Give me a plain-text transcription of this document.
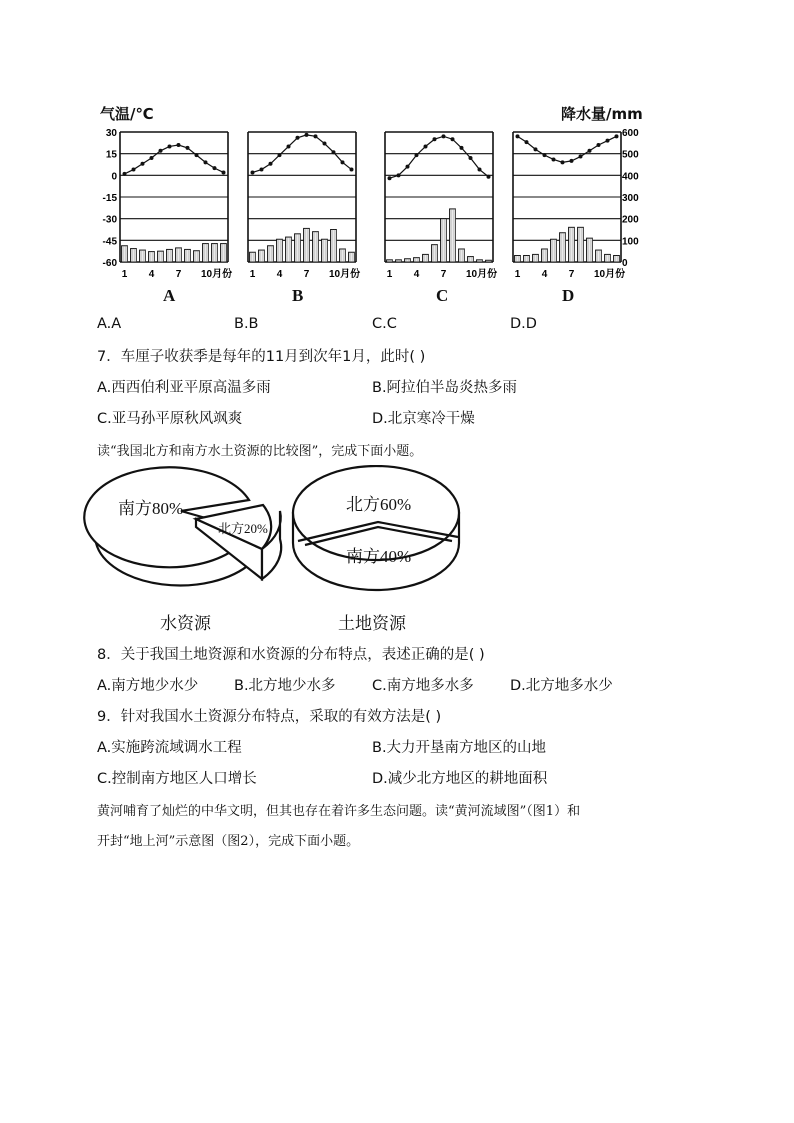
气温/℃	降水量/mm
30
15
0
-15
-30
-45
-60
600
500
400
300
200
100
0
1 4 7 10月份 1 4 7 10月份	1 4 7 10月份 1 4 7 10月份
A	B	C	D
A.A	B.B	C.C	D.D
7．车厘子收获季是每年的11月到次年1月，此时( )
A.西西伯利亚平原高温多雨	B.阿拉伯半岛炎热多雨
C.亚马孙平原秋风飒爽	D.北京寒冷干燥
读“我国北方和南方水土资源的比较图”，完成下面小题。
南方80%
北方20%
北方60%
南方40%
水资源	土地资源
8．关于我国土地资源和水资源的分布特点，表述正确的是( )
A.南方地少水少 B.北方地少水多	C.南方地多水多	D.北方地多水少
9．针对我国水土资源分布特点，采取的有效方法是( )
A.实施跨流域调水工程	B.大力开垦南方地区的山地
C.控制南方地区人口增长	D.减少北方地区的耕地面积
黄河哺育了灿烂的中华文明，但其也存在着许多生态问题。读“黄河流域图”（图1）和
开封“地上河”示意图（图2），完成下面小题。
